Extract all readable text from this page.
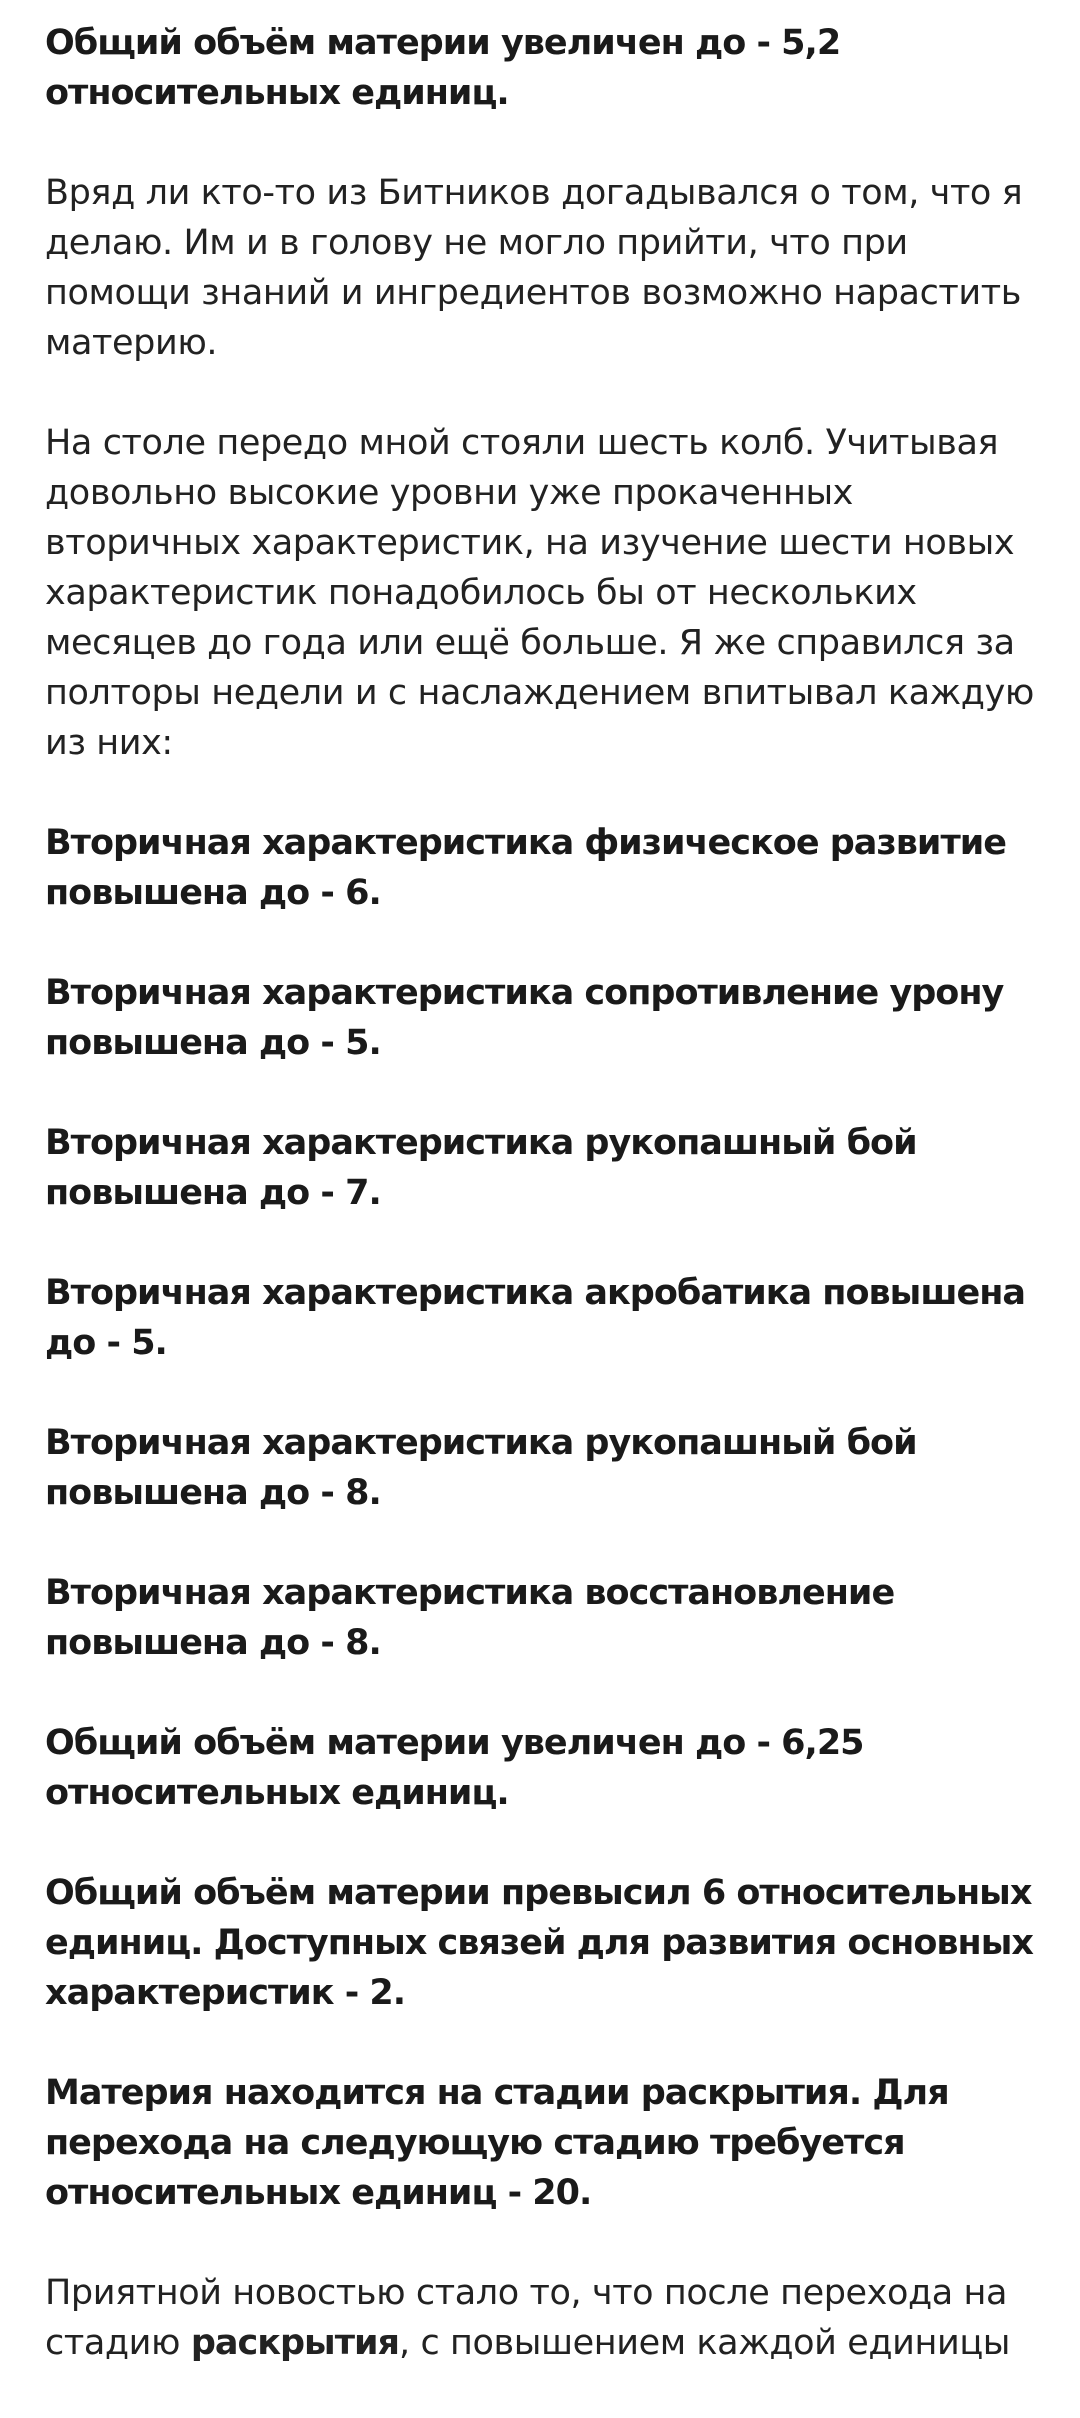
Общий объём материи увеличен до - 5,2 относительных единиц.

Вряд ли кто-то из Битников догадывался о том, что я делаю. Им и в голову не могло прийти, что при помощи знаний и ингредиентов возможно нарастить материю.

На столе передо мной стояли шесть колб. Учитывая довольно высокие уровни уже прокаченных вторичных характеристик, на изучение шести новых характеристик понадобилось бы от нескольких месяцев до года или ещё больше. Я же справился за полторы недели и с наслаждением впитывал каждую из них:

Вторичная характеристика физическое развитие повышена до - 6.

Вторичная характеристика сопротивление урону повышена до - 5.

Вторичная характеристика рукопашный бой повышена до - 7.

Вторичная характеристика акробатика повышена до - 5.

Вторичная характеристика рукопашный бой повышена до - 8.

Вторичная характеристика восстановление повышена до - 8.

Общий объём материи увеличен до - 6,25 относительных единиц.

Общий объём материи превысил 6 относительных единиц. Доступных связей для развития основных характеристик - 2.

Материя находится на стадии раскрытия. Для перехода на следующую стадию требуется относительных единиц - 20.

Приятной новостью стало то, что после перехода на стадию раскрытия, с повышением каждой единицы
